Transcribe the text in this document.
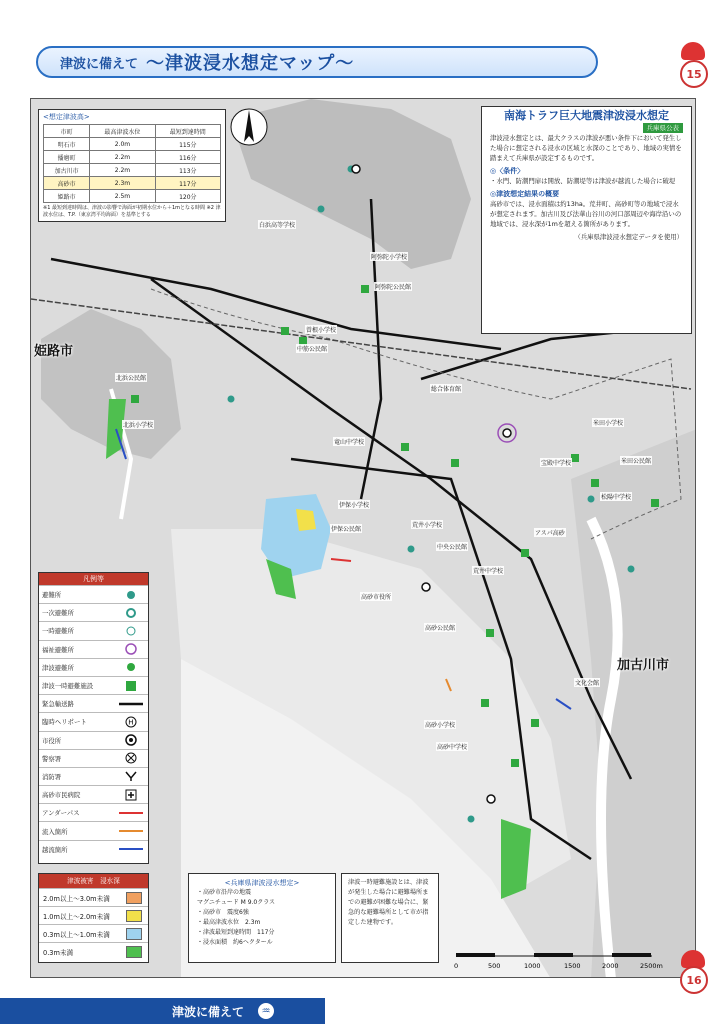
津波に備えて 〜津波浸水想定マップ〜	15
姫路市
加古川市
白浜高等学校
阿弥陀小学校
阿弥陀公民館
曽根小学校
中筋公民館
北浜公民館
北浜小学校
竜山中学校
伊保小学校
伊保公民館
荒井小学校
高砂公民館
高砂小学校
宝殿中学校
米田小学校
米田公民館
中央公民館
荒井中学校
高砂中学校
文化会館
総合体育館
アスパ高砂
松陽中学校
高砂市役所
<想定津波高>
市町	最高津波水位	最短到達時間
明石市	2.0m	115分
播磨町	2.2m	116分
加古川市	2.2m	113分
高砂市	2.3m	117分
姫路市	2.5m	120分
※1 最短到達時間は、津波の影響で海面が初期水位から＋1mとなる時間 ※2 津波水位は、T.P.（東京湾平均海面）を基準とする
南海トラフ巨大地震津波浸水想定
兵庫県公表

津波浸水想定とは、最大クラスの津波が悪い条件下において発生した場合に想定される浸水の区域と水深のことであり、地域の実情を踏まえて兵庫県が設定するものです。

◎〈条件〉

・水門、防潮門扉は開放、防潮堤等は津波が越流した場合に破堤

◎津波想定結果の概要

高砂市では、浸水面積は約13ha。荒井町、高砂町等の地域で浸水が想定されます。加古川及び法華山谷川の河口部周辺や海岸沿いの地域では、浸水深が1mを超える箇所があります。

（兵庫県津波浸水想定データを使用）

凡例等
避難所
一次避難所
一時避難所
福祉避難所
津波避難所
津波一時避難施設
緊急輸送路
臨時ヘリポート	H
市役所
警察署
消防署
高砂市民病院
アンダーパス
流入箇所
越流箇所
津波被害　浸水深
2.0m以上～3.0m未満
1.0m以上～2.0m未満
0.3m以上～1.0m未満
0.3m未満
<兵庫県津波浸水想定>
・高砂市沿岸の地震
マグニチュード M 9.0クラス
・高砂市　震度6強
・最高津波水位　2.3m
・津波最短到達時間　117分
・浸水面積　約6ヘクタール
津波一時避難施設とは、津波が発生した場合に避難場所までの避難が困難な場合に、緊急的な避難場所として市が指定した建物です。
0	500	1000	1500	2000	2500m
16
津波に備えて	♒
